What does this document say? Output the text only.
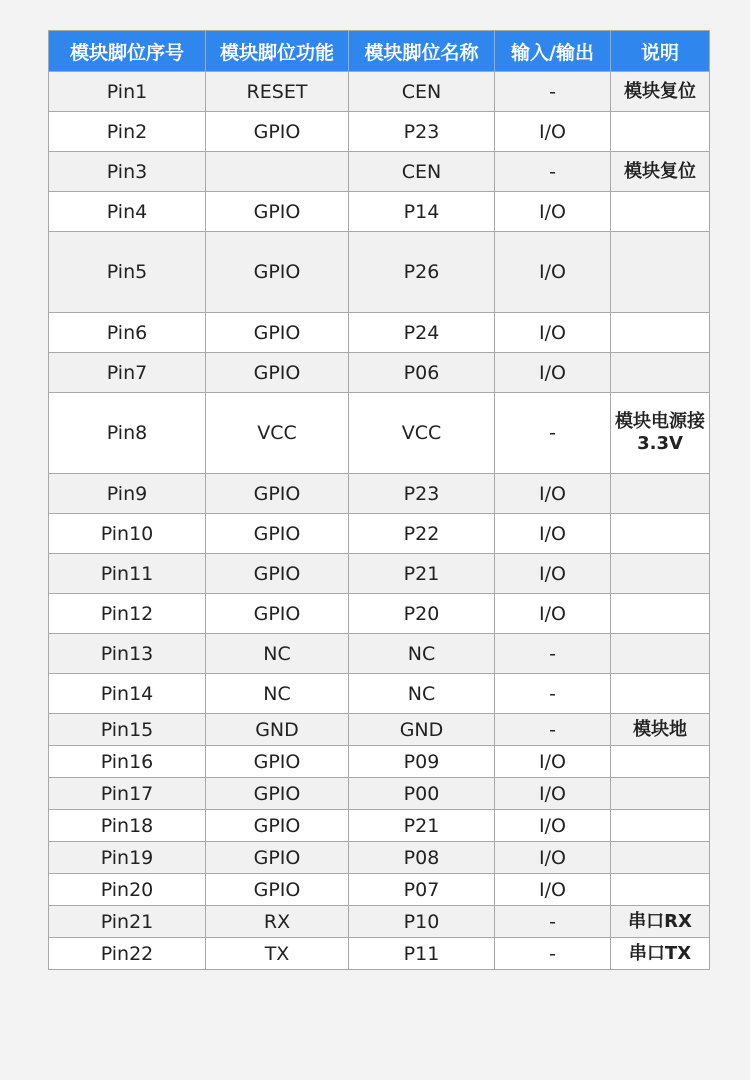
模块脚位序号	模块脚位功能	模块脚位名称	输入/输出	说明
Pin1	RESET	CEN	-	模块复位
Pin2	GPIO	P23	I/O	
Pin3		CEN	-	模块复位
Pin4	GPIO	P14	I/O	
Pin5	GPIO	P26	I/O	
Pin6	GPIO	P24	I/O	
Pin7	GPIO	P06	I/O	
Pin8	VCC	VCC	-	模块电源接3.3V
Pin9	GPIO	P23	I/O	
Pin10	GPIO	P22	I/O	
Pin11	GPIO	P21	I/O	
Pin12	GPIO	P20	I/O	
Pin13	NC	NC	-	
Pin14	NC	NC	-	
Pin15	GND	GND	-	模块地
Pin16	GPIO	P09	I/O	
Pin17	GPIO	P00	I/O	
Pin18	GPIO	P21	I/O	
Pin19	GPIO	P08	I/O	
Pin20	GPIO	P07	I/O	
Pin21	RX	P10	-	串口RX
Pin22	TX	P11	-	串口TX
